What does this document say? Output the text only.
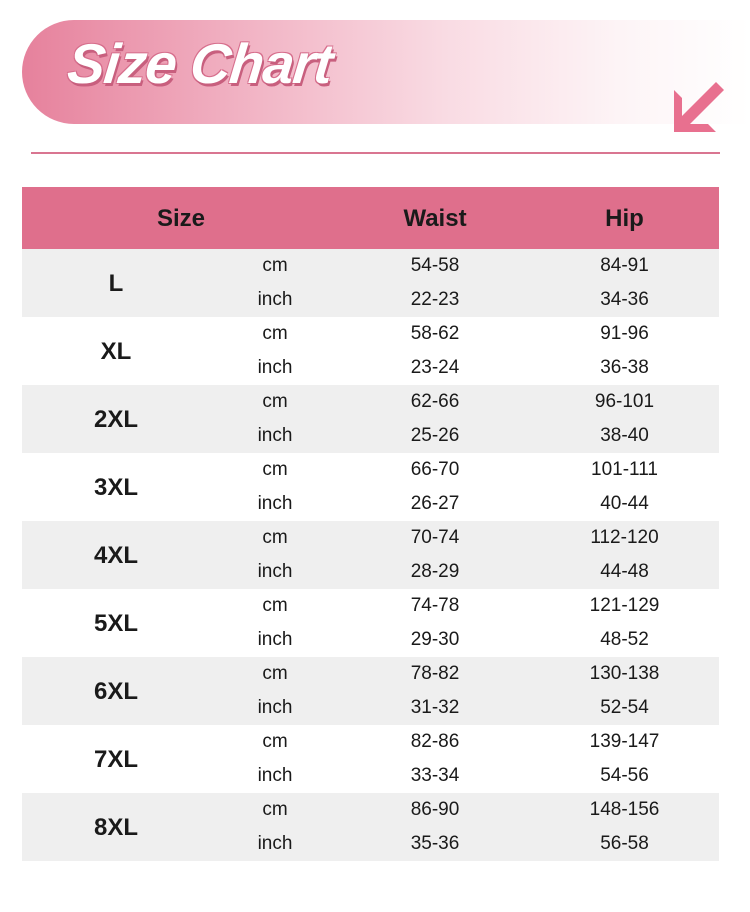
Size Chart
Size	Waist	Hip
L
cm	54-58	84-91
inch	22-23	34-36
XL
cm	58-62	91-96
inch	23-24	36-38
2XL
cm	62-66	96-101
inch	25-26	38-40
3XL
cm	66-70	101-111
inch	26-27	40-44
4XL
cm	70-74	112-120
inch	28-29	44-48
5XL
cm	74-78	121-129
inch	29-30	48-52
6XL
cm	78-82	130-138
inch	31-32	52-54
7XL
cm	82-86	139-147
inch	33-34	54-56
8XL
cm	86-90	148-156
inch	35-36	56-58
